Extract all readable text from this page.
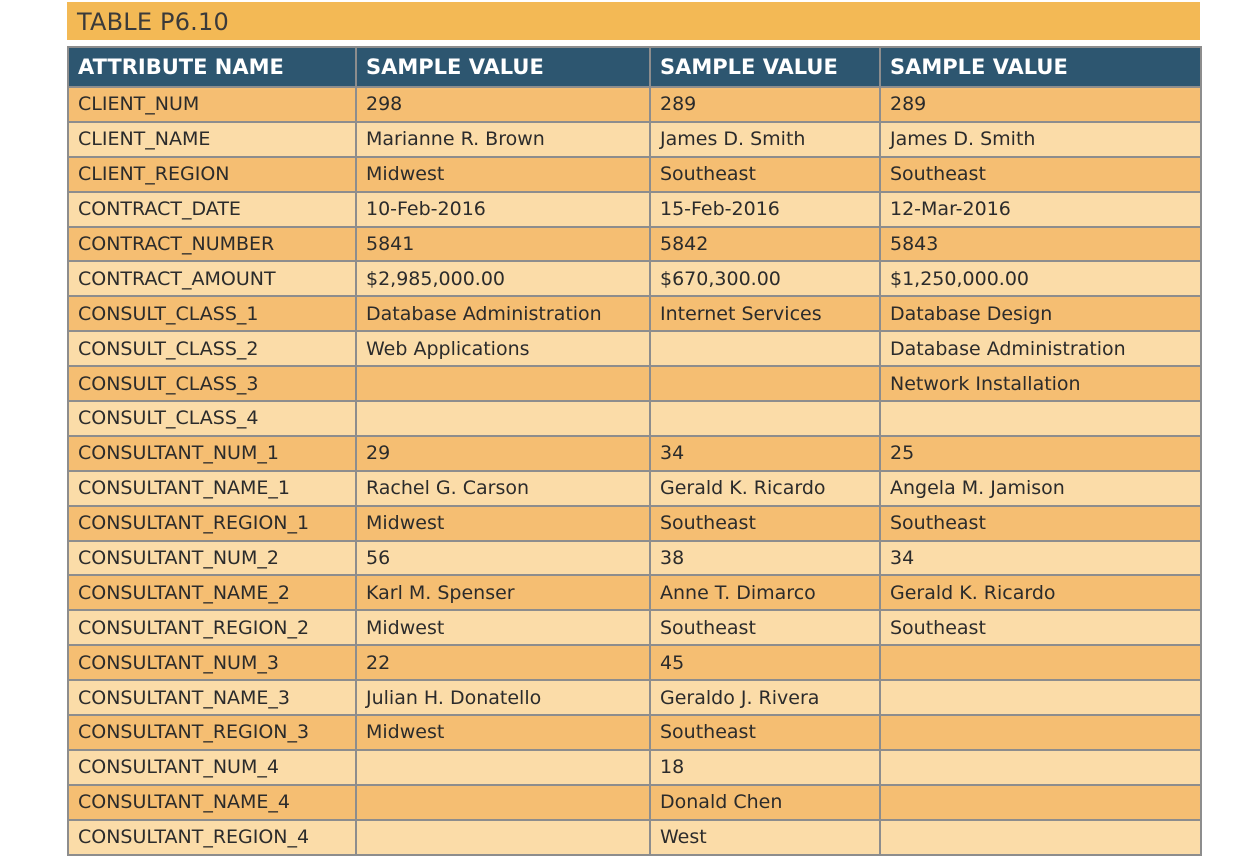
TABLE P6.10
ATTRIBUTE NAME	SAMPLE VALUE	SAMPLE VALUE	SAMPLE VALUE
CLIENT_NUM	298	289	289
CLIENT_NAME	Marianne R. Brown	James D. Smith	James D. Smith
CLIENT_REGION	Midwest	Southeast	Southeast
CONTRACT_DATE	10-Feb-2016	15-Feb-2016	12-Mar-2016
CONTRACT_NUMBER	5841	5842	5843
CONTRACT_AMOUNT	$2,985,000.00	$670,300.00	$1,250,000.00
CONSULT_CLASS_1	Database Administration	Internet Services	Database Design
CONSULT_CLASS_2	Web Applications		Database Administration
CONSULT_CLASS_3			Network Installation
CONSULT_CLASS_4			
CONSULTANT_NUM_1	29	34	25
CONSULTANT_NAME_1	Rachel G. Carson	Gerald K. Ricardo	Angela M. Jamison
CONSULTANT_REGION_1	Midwest	Southeast	Southeast
CONSULTANT_NUM_2	56	38	34
CONSULTANT_NAME_2	Karl M. Spenser	Anne T. Dimarco	Gerald K. Ricardo
CONSULTANT_REGION_2	Midwest	Southeast	Southeast
CONSULTANT_NUM_3	22	45	
CONSULTANT_NAME_3	Julian H. Donatello	Geraldo J. Rivera	
CONSULTANT_REGION_3	Midwest	Southeast	
CONSULTANT_NUM_4		18	
CONSULTANT_NAME_4		Donald Chen	
CONSULTANT_REGION_4		West	
